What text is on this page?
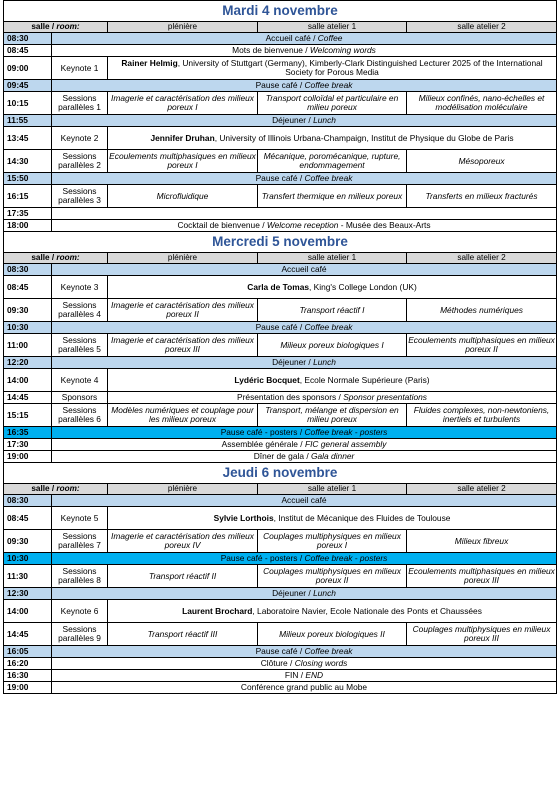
Mardi 4 novembre				
salle / room:		plénière	salle atelier 1	salle atelier 2
08:30	Accueil café / Coffee			
08:45	Mots de bienvenue / Welcoming words			
09:00	Keynote 1	Rainer Helmig, University of Stuttgart (Germany), Kimberly-Clark Distinguished Lecturer 2025 of the International Society for Porous Media		
09:45	Pause café / Coffee break			
10:15	Sessions parallèles 1	Imagerie et caractérisation des milieux poreux I	Transport colloïdal et particulaire en milieu poreux	Milieux confinés, nano-échelles et modélisation moléculaire
11:55	Déjeuner / Lunch			
13:45	Keynote 2	Jennifer Druhan, University of Illinois Urbana-Champaign, Institut de Physique du Globe de Paris		
14:30	Sessions parallèles 2	Ecoulements multiphasiques en milieux poreux I	Mécanique, poromécanique, rupture, endommagement	Mésoporeux
15:50	Pause café / Coffee break			
16:15	Sessions parallèles 3	Microfluidique	Transfert thermique en milieux poreux	Transferts en milieux fracturés
17:35				
18:00	Cocktail de bienvenue / Welcome reception - Musée des Beaux-Arts			
Mercredi 5 novembre				
salle / room:		plénière	salle atelier 1	salle atelier 2
08:30	Accueil café			
08:45	Keynote 3	Carla de Tomas, King's College London (UK)		
09:30	Sessions parallèles 4	Imagerie et caractérisation des milieux poreux II	Transport réactif I	Méthodes numériques
10:30	Pause café / Coffee break			
11:00	Sessions parallèles 5	Imagerie et caractérisation des milieux poreux III	Milieux poreux biologiques I	Ecoulements multiphasiques en milieux poreux II
12:20	Déjeuner / Lunch			
14:00	Keynote 4	Lydéric Bocquet, Ecole Normale Supérieure (Paris)		
14:45	Sponsors	Présentation des sponsors / Sponsor presentations		
15:15	Sessions parallèles 6	Modèles numériques et couplage pour les milieux poreux	Transport, mélange et dispersion en milieu poreux	Fluides complexes, non-newtoniens, inertiels et turbulents
16:35	Pause café - posters / Coffee break - posters			
17:30	Assemblée générale / FIC general assembly			
19:00	Dîner de gala / Gala dinner			
Jeudi 6 novembre				
salle / room:		plénière	salle atelier 1	salle atelier 2
08:30	Accueil café			
08:45	Keynote 5	Sylvie Lorthois, Institut de Mécanique des Fluides de Toulouse		
09:30	Sessions parallèles 7	Imagerie et caractérisation des milieux poreux IV	Couplages multiphysiques en milieux poreux I	Milieux fibreux
10:30	Pause café - posters / Coffee break - posters			
11:30	Sessions parallèles 8	Transport réactif II	Couplages multiphysiques en milieux poreux II	Ecoulements multiphasiques en milieux poreux III
12:30	Déjeuner / Lunch			
14:00	Keynote 6	Laurent Brochard, Laboratoire Navier, Ecole Nationale des Ponts et Chaussées		
14:45	Sessions parallèles 9	Transport réactif III	Milieux poreux biologiques II	Couplages multiphysiques en milieux poreux III
16:05	Pause café / Coffee break			
16:20	Clôture / Closing words			
16:30	FIN / END			
19:00	Conférence grand public au Mobe			
